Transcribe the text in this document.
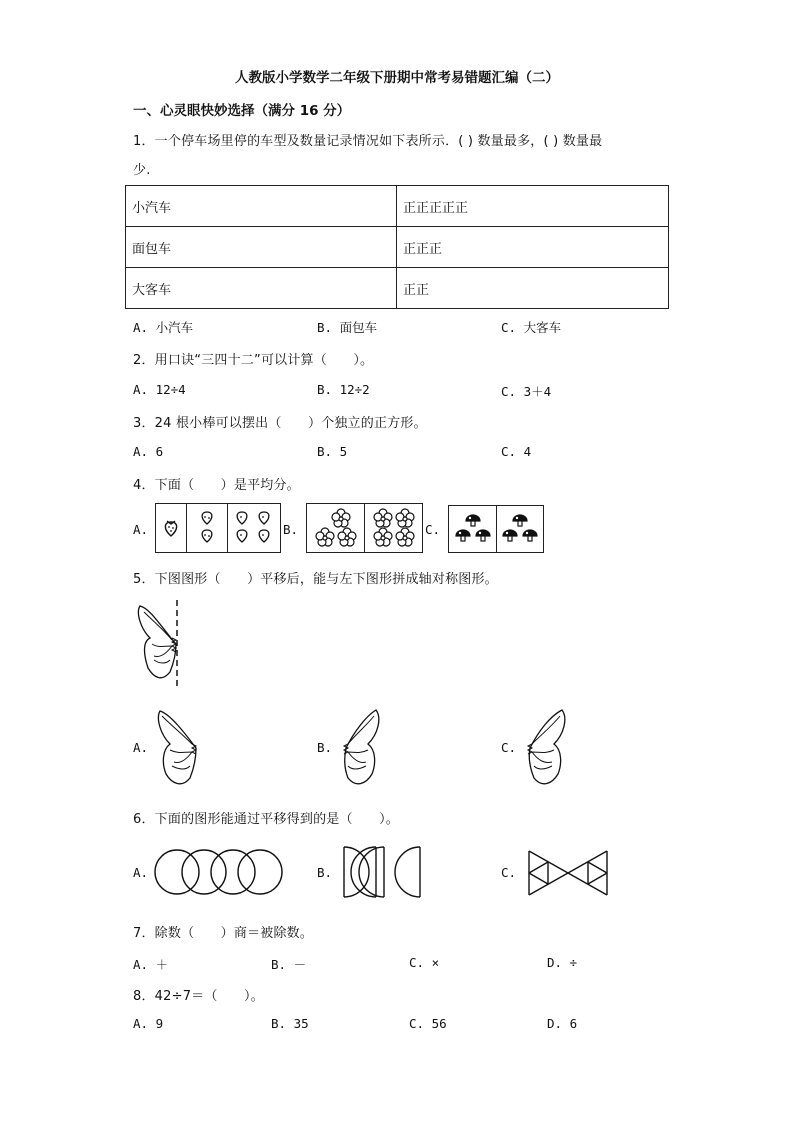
人教版小学数学二年级下册期中常考易错题汇编（二）
一、心灵眼快妙选择（满分 16 分）
1．一个停车场里停的车型及数量记录情况如下表所示．( ) 数量最多，( ) 数量最
少.
小汽车	正正正正正
面包车	正正正
大客车	正正
A. 小汽车	B. 面包车	C. 大客车
2．用口诀“三四十二”可以计算（　　）。
A. 12÷4	B. 12÷2	C. 3＋4
3．24 根小棒可以摆出（　　）个独立的正方形。
A. 6	B. 5	C. 4
4．下面（　　）是平均分。
A.	B.	C.
5．下图图形（　　）平移后，能与左下图形拼成轴对称图形。
A.	B.	C.
6．下面的图形能通过平移得到的是（　　）。
A.	B.	C.
7．除数（　　）商＝被除数。
A. ＋	B. －	C. ×	D. ÷
8．42÷7＝（　　）。
A. 9	B. 35	C. 56	D. 6
